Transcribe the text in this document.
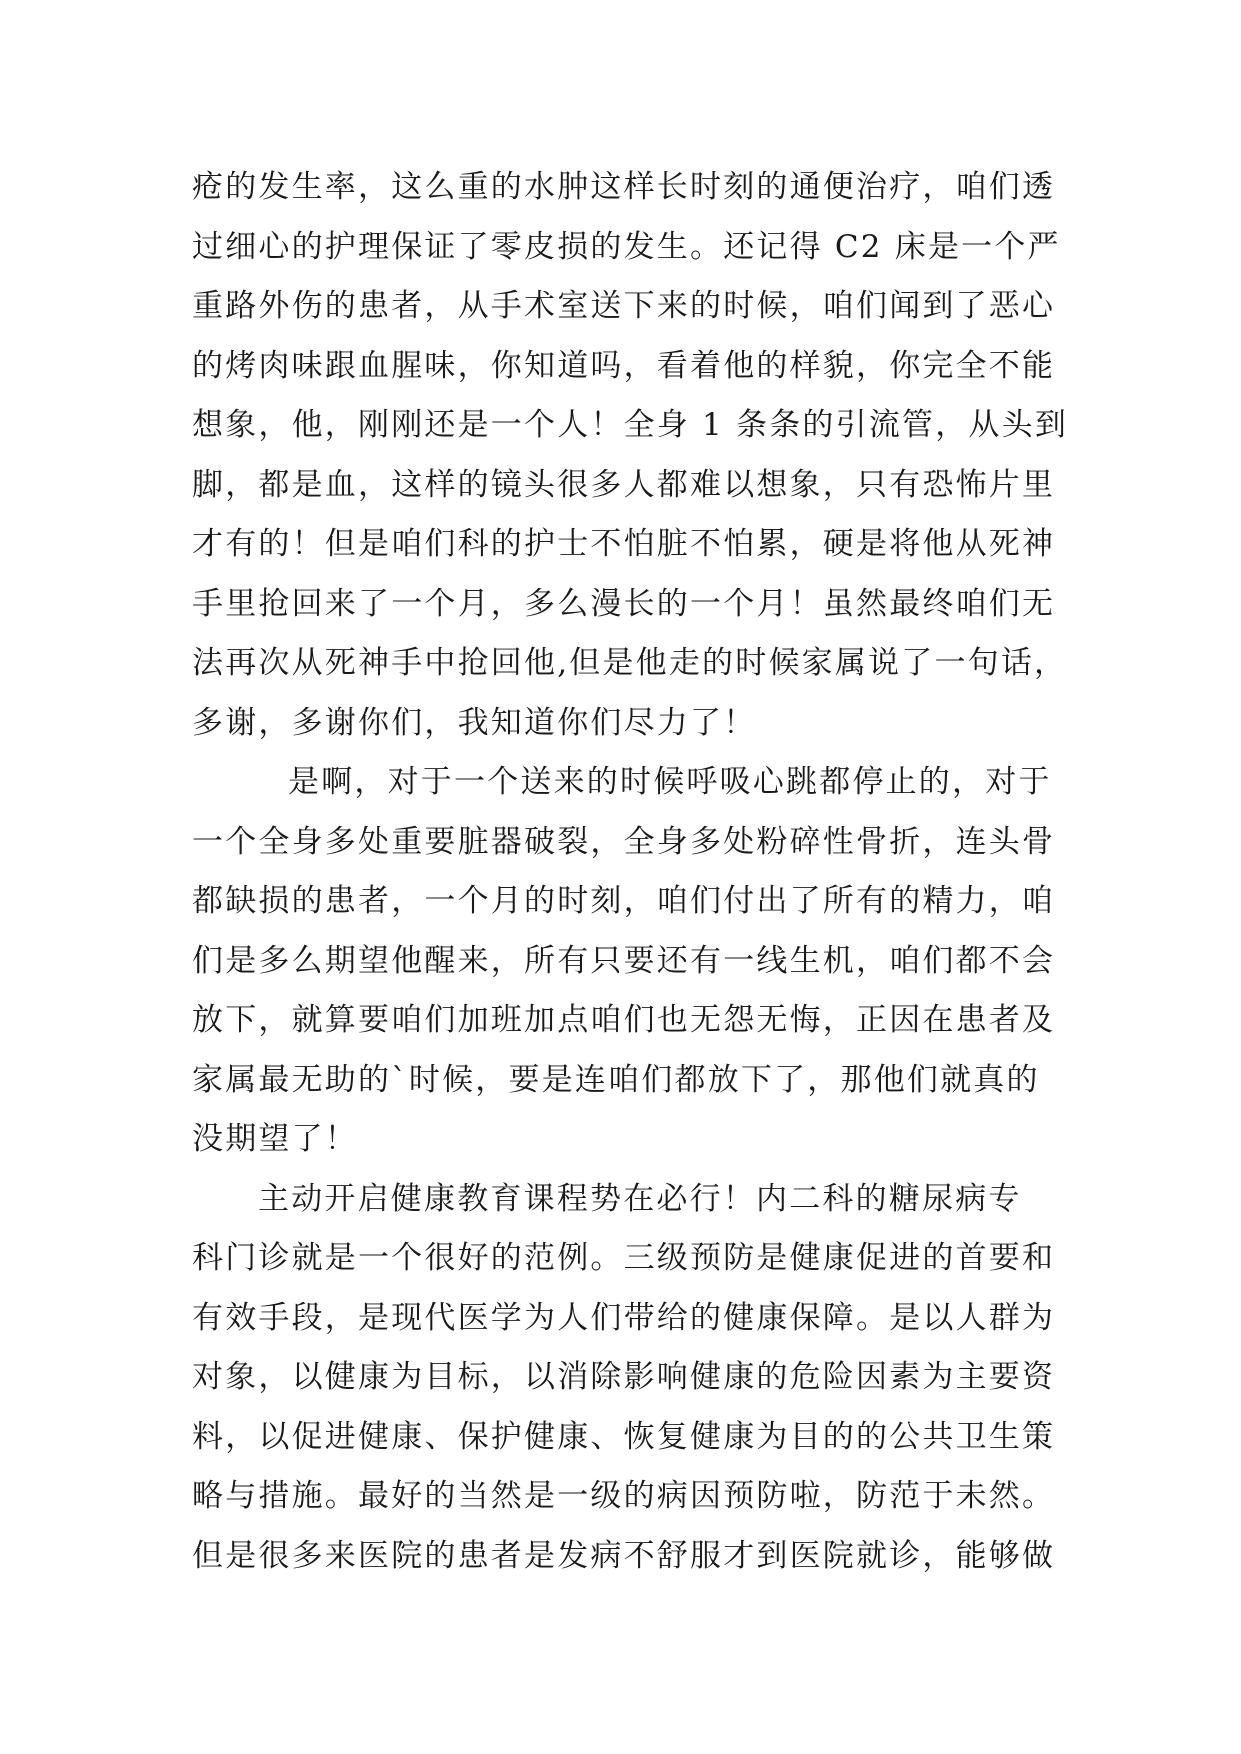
疮的发生率，这么重的水肿这样长时刻的通便治疗，咱们透
过细心的护理保证了零皮损的发生。还记得 C2 床是一个严
重路外伤的患者，从手术室送下来的时候，咱们闻到了恶心
的烤肉味跟血腥味，你知道吗，看着他的样貌，你完全不能
想象，他，刚刚还是一个人！全身 1 条条的引流管，从头到
脚，都是血，这样的镜头很多人都难以想象，只有恐怖片里
才有的！但是咱们科的护士不怕脏不怕累，硬是将他从死神
手里抢回来了一个月，多么漫长的一个月！虽然最终咱们无
法再次从死神手中抢回他,但是他走的时候家属说了一句话，
多谢，多谢你们，我知道你们尽力了！
是啊，对于一个送来的时候呼吸心跳都停止的，对于
一个全身多处重要脏器破裂，全身多处粉碎性骨折，连头骨
都缺损的患者，一个月的时刻，咱们付出了所有的精力，咱
们是多么期望他醒来，所有只要还有一线生机，咱们都不会
放下，就算要咱们加班加点咱们也无怨无悔，正因在患者及
家属最无助的`时候，要是连咱们都放下了，那他们就真的
没期望了！
主动开启健康教育课程势在必行！内二科的糖尿病专
科门诊就是一个很好的范例。三级预防是健康促进的首要和
有效手段，是现代医学为人们带给的健康保障。是以人群为
对象，以健康为目标，以消除影响健康的危险因素为主要资
料，以促进健康、保护健康、恢复健康为目的的公共卫生策
略与措施。最好的当然是一级的病因预防啦，防范于未然。
但是很多来医院的患者是发病不舒服才到医院就诊，能够做
